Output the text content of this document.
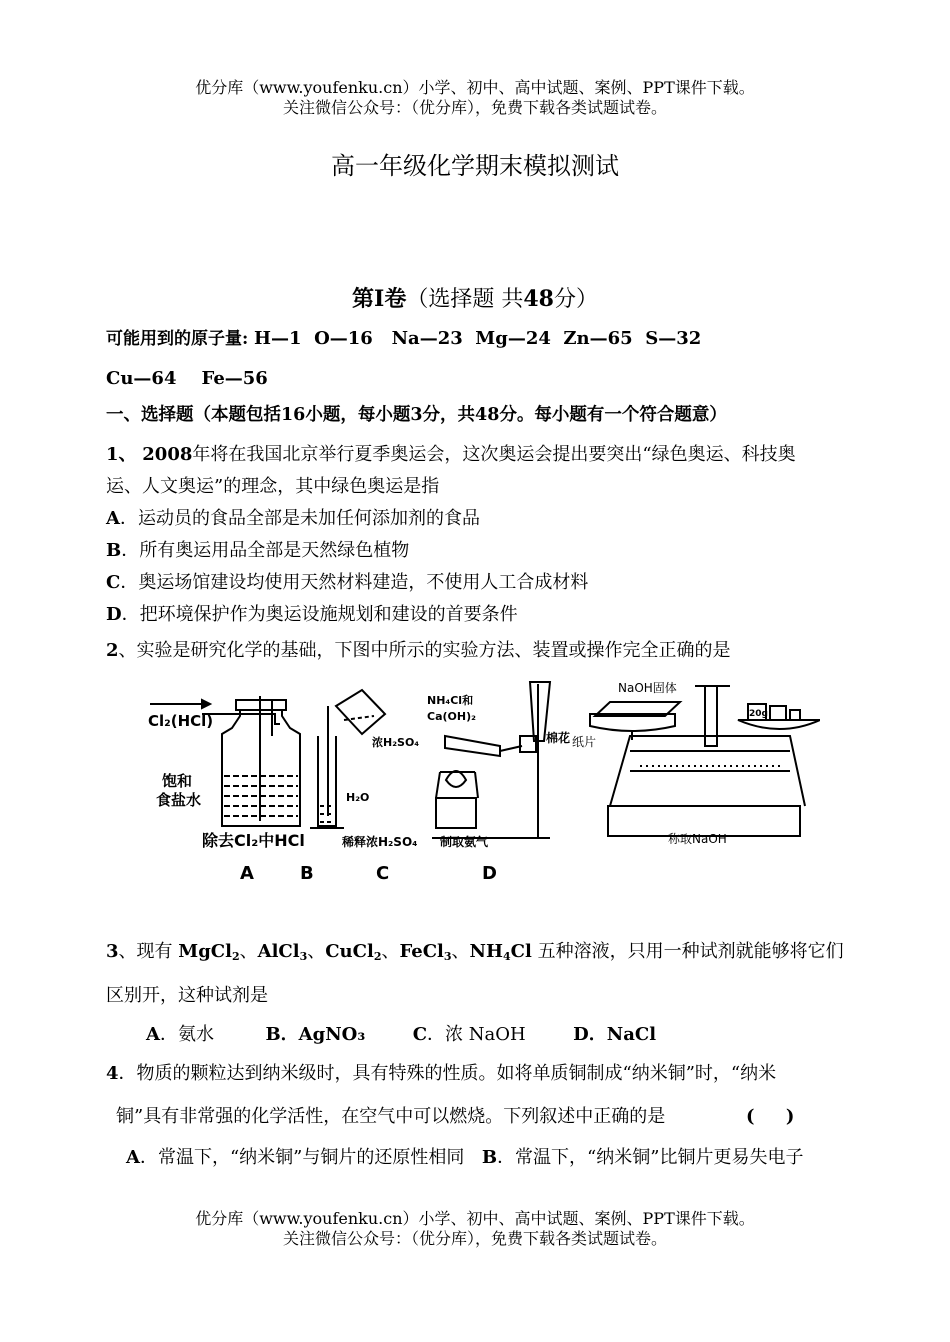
优分库（www.youfenku.cn）小学、初中、高中试题、案例、PPT课件下载。
关注微信公众号：（优分库），免费下载各类试题试卷。
高一年级化学期末模拟测试
第Ⅰ卷（选择题 共48分）
可能用到的原子量: H—1  O—16   Na—23  Mg—24  Zn—65  S—32
Cu—64    Fe—56
一、选择题（本题包括16小题，每小题3分，共48分。每小题有一个符合题意）
1、 2008年将在我国北京举行夏季奥运会，这次奥运会提出要突出“绿色奥运、科技奥
运、人文奥运”的理念，其中绿色奥运是指
A．运动员的食品全部是未加任何添加剂的食品
B．所有奥运用品全部是天然绿色植物
C．奥运场馆建设均使用天然材料建造，不使用人工合成材料
D．把环境保护作为奥运设施规划和建设的首要条件
2、实验是研究化学的基础，下图中所示的实验方法、装置或操作完全正确的是
Cl₂(HCl)
饱和
食盐水
除去Cl₂中HCl
浓H₂SO₄
H₂O
稀释浓H₂SO₄
NH₄Cl和
Ca(OH)₂
棉花
制取氨气
NaOH固体
纸片
20g
称取NaOH
A	B	C	D
3、现有 MgCl$_2$、AlCl$_3$、CuCl$_2$、FeCl$_3$、$NH_4Cl$ 五种溶液，只用一种试剂就能够将它们
区别开，这种试剂是
A．氨水	B．AgNO₃	C．浓 NaOH	D．NaCl
4．物质的颗粒达到纳米级时，具有特殊的性质。如将单质铜制成“纳米铜”时，“纳米
铜”具有非常强的化学活性，在空气中可以燃烧。下列叙述中正确的是	(     )
A．常温下，“纳米铜”与铜片的还原性相同 B．常温下，“纳米铜”比铜片更易失电子
优分库（www.youfenku.cn）小学、初中、高中试题、案例、PPT课件下载。
关注微信公众号：（优分库），免费下载各类试题试卷。
